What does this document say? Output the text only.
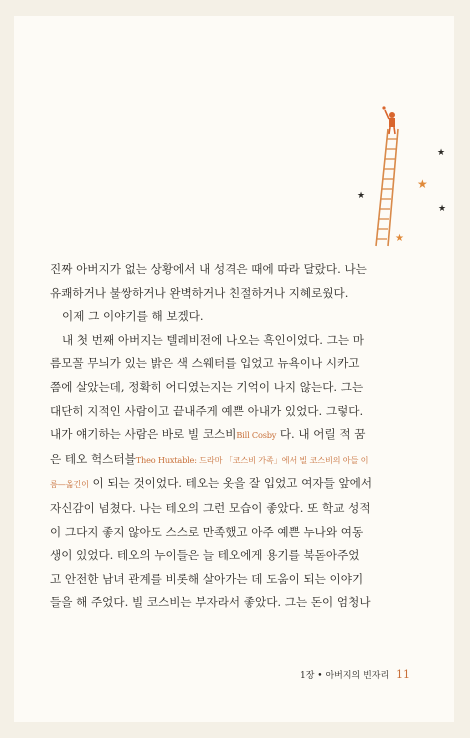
★
★
★
★
★

진짜 아버지가 없는 상황에서 내 성격은 때에 따라 달랐다. 나는
유쾌하거나 불쌍하거나 완벽하거나 친절하거나 지혜로웠다.

이제 그 이야기를 해 보겠다.

내 첫 번째 아버지는 텔레비전에 나오는 흑인이었다. 그는 마
름모꼴 무늬가 있는 밝은 색 스웨터를 입었고 뉴욕이나 시카고
쯤에 살았는데, 정확히 어디였는지는 기억이 나지 않는다. 그는
대단히 지적인 사람이고 끝내주게 예쁜 아내가 있었다. 그렇다.
내가 얘기하는 사람은 바로 빌 코스비Bill Cosby 다. 내 어릴 적 꿈
은 테오 헉스터블Theo Huxtable: 드라마 「코스비 가족」에서 빌 코스비의 아들 이
름—옮긴이 이 되는 것이었다. 테오는 옷을 잘 입었고 여자들 앞에서
자신감이 넘쳤다. 나는 테오의 그런 모습이 좋았다. 또 학교 성적
이 그다지 좋지 않아도 스스로 만족했고 아주 예쁜 누나와 여동
생이 있었다. 테오의 누이들은 늘 테오에게 용기를 북돋아주었
고 안전한 남녀 관계를 비롯해 살아가는 데 도움이 되는 이야기
들을 해 주었다. 빌 코스비는 부자라서 좋았다. 그는 돈이 엄청나

1장 • 아버지의 빈자리 11
